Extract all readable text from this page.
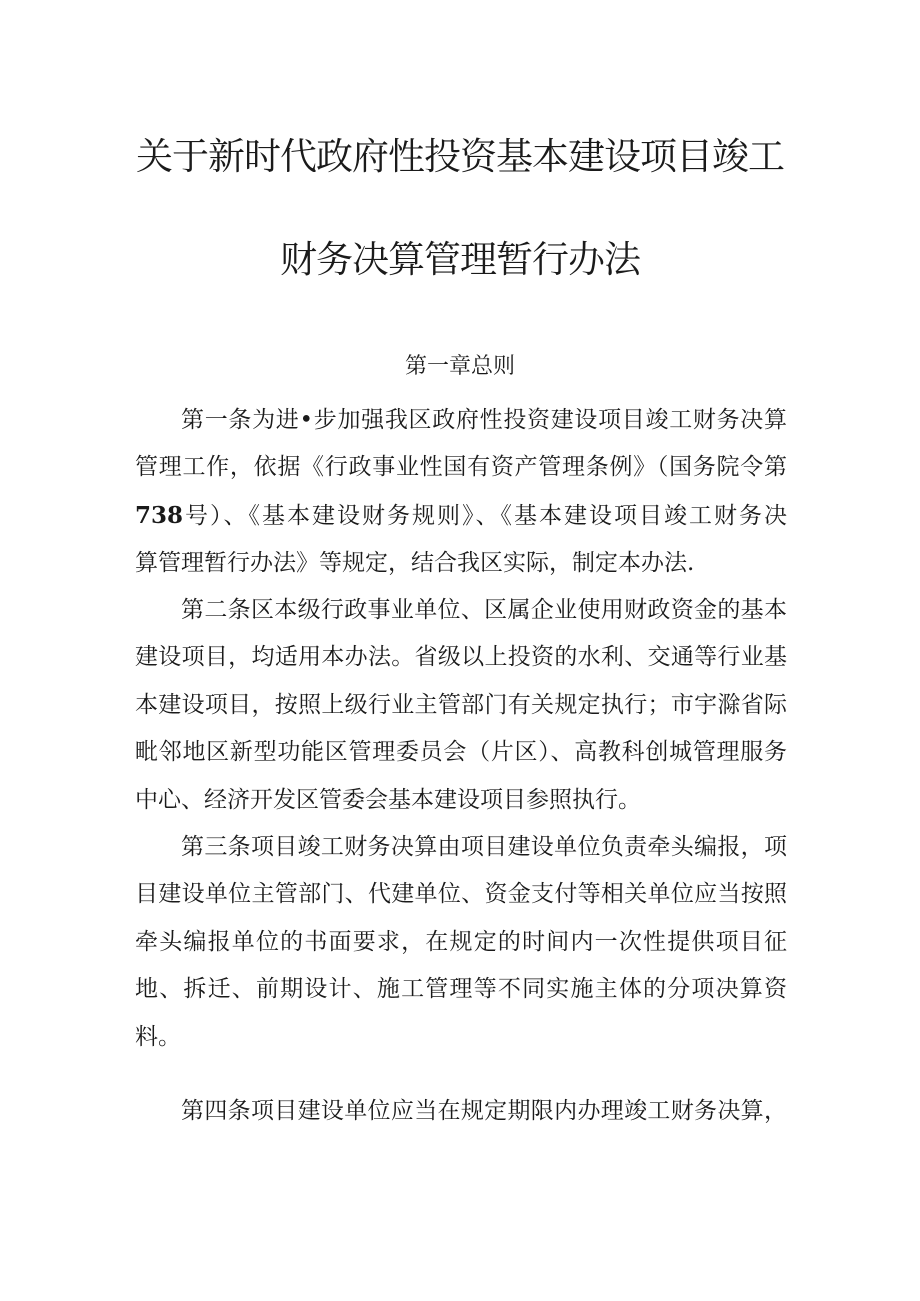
关于新时代政府性投资基本建设项目竣工
财务决算管理暂行办法
第一章总则
第一条为进•步加强我区政府性投资建设项目竣工财务决算
管理工作，依据《行政事业性国有资产管理条例》（国务院令第
738号）、《基本建设财务规则》、《基本建设项目竣工财务决
算管理暂行办法》等规定，结合我区实际，制定本办法.
第二条区本级行政事业单位、区属企业使用财政资金的基本
建设项目，均适用本办法。省级以上投资的水利、交通等行业基
本建设项目，按照上级行业主管部门有关规定执行；市宇滁省际
毗邻地区新型功能区管理委员会（片区）、高教科创城管理服务
中心、经济开发区管委会基本建设项目参照执行。
第三条项目竣工财务决算由项目建设单位负责牵头编报，项
目建设单位主管部门、代建单位、资金支付等相关单位应当按照
牵头编报单位的书面要求，在规定的时间内一次性提供项目征
地、拆迁、前期设计、施工管理等不同实施主体的分项决算资
料。
第四条项目建设单位应当在规定期限内办理竣工财务决算，
